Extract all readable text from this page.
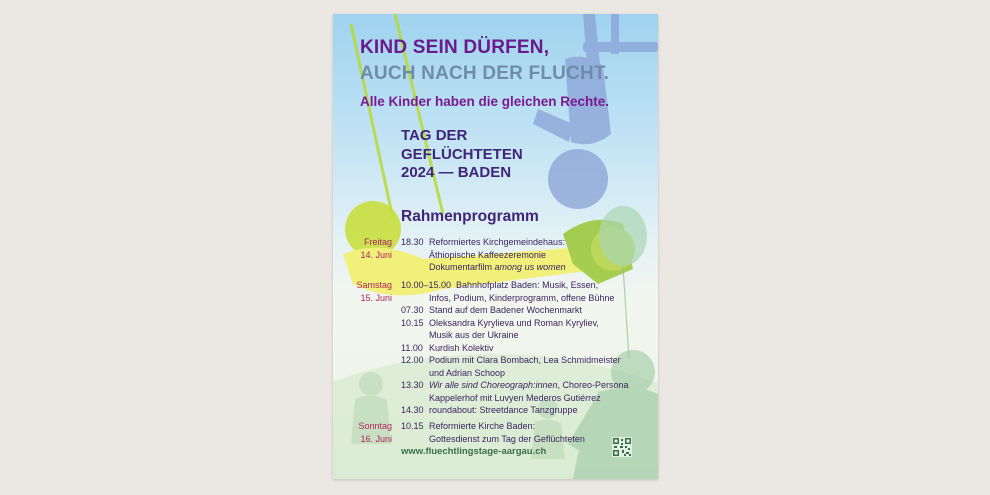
KIND SEIN DÜRFEN,
AUCH NACH DER FLUCHT.
Alle Kinder haben die gleichen Rechte.
TAG DER
GEFLÜCHTETEN
2024 — BADEN
Rahmenprogramm
Freitag
14. Juni
18.30 Reformiertes Kirchgemeindehaus:
Äthiopische Kaffeezeremonie
Dokumentarfilm among us women
Samstag
15. Juni
10.00–15.00 Bahnhofplatz Baden: Musik, Essen,
Infos, Podium, Kinderprogramm, offene Bühne
07.30 Stand auf dem Badener Wochenmarkt
10.15 Oleksandra Kyrylieva und Roman Kyryliev,
Musik aus der Ukraine
11.00 Kurdish Kolektiv
12.00 Podium mit Clara Bombach, Lea Schmidmeister
und Adrian Schoop
13.30 Wir alle sind Choreograph:innen, Choreo-Persona
Kappelerhof mit Luvyen Mederos Gutiérrez
14.30 roundabout: Streetdance Tanzgruppe
Sonntag
16. Juni
10.15 Reformierte Kirche Baden:
Gottesdienst zum Tag der Geflüchteten
www.fluechtlingstage-aargau.ch
